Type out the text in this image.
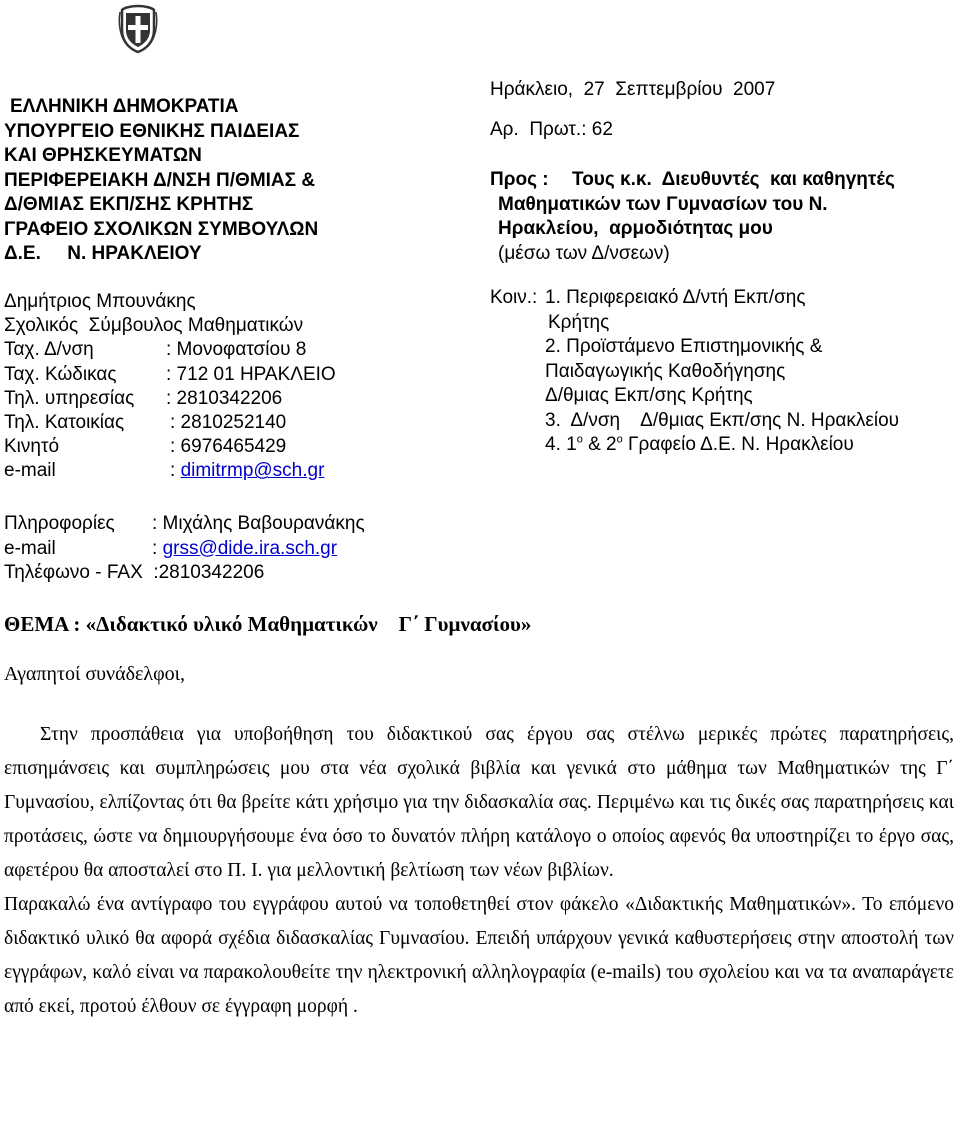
ΕΛΛΗΝΙΚΗ ΔΗΜΟΚΡΑΤΙΑ
ΥΠΟΥΡΓΕΙΟ ΕΘΝΙΚΗΣ ΠΑΙΔΕΙΑΣ
ΚΑΙ ΘΡΗΣΚΕΥΜΑΤΩΝ
ΠΕΡΙΦΕΡΕΙΑΚΗ Δ/ΝΣΗ Π/ΘΜΙΑΣ &
Δ/ΘΜΙΑΣ ΕΚΠ/ΣΗΣ ΚΡΗΤΗΣ
ΓΡΑΦΕΙΟ ΣΧΟΛΙΚΩΝ ΣΥΜΒΟΥΛΩΝ
Δ.Ε.     Ν. ΗΡΑΚΛΕΙΟΥ
Δημήτριος Μπουνάκης
Σχολικός  Σύμβουλος Μαθηματικών
Ταχ. Δ/νση	: Μονοφατσίου 8
Ταχ. Κώδικας	: 712 01 ΗΡΑΚΛΕΙΟ
Τηλ. υπηρεσίας	: 2810342206
Τηλ. Κατοικίας	: 2810252140
Κινητό	: 6976465429
e-mail	: dimitrmp@sch.gr
Πληροφορίες	: Μιχάλης Βαβουρανάκης
e-mail	: grss@dide.ira.sch.gr
Τηλέφωνο - FAX  :2810342206
Ηράκλειο,  27  Σεπτεμβρίου  2007
Αρ.  Πρωτ.: 62
Προς :	Τους κ.κ.  Διευθυντές  και καθηγητές
Μαθηματικών των Γυμνασίων του Ν.
Ηρακλείου,  αρμοδιότητας μου
(μέσω των Δ/νσεων)
Κοιν.: 1. Περιφερειακό Δ/ντή Εκπ/σης
Κρήτης
2. Προϊστάμενο Επιστημονικής &
Παιδαγωγικής Καθοδήγησης
Δ/θμιας Εκπ/σης Κρήτης
3.  Δ/νση    Δ/θμιας Εκπ/σης Ν. Ηρακλείου
4. $1^o$ & $2^o$ Γραφείο Δ.Ε. Ν. Ηρακλείου
ΘΕΜΑ : «Διδακτικό υλικό Μαθηματικών    Γ΄ Γυμνασίου»
Αγαπητοί συνάδελφοι,

Στην προσπάθεια για υποβοήθηση του διδακτικού σας έργου σας στέλνω μερικές πρώτες παρατηρήσεις, επισημάνσεις και συμπληρώσεις μου στα νέα σχολικά βιβλία και γενικά στο μάθημα των Μαθηματικών της Γ΄ Γυμνασίου, ελπίζοντας ότι θα βρείτε κάτι χρήσιμο για την διδασκαλία σας. Περιμένω και τις δικές σας παρατηρήσεις και προτάσεις, ώστε να δημιουργήσουμε ένα όσο το δυνατόν πλήρη κατάλογο ο οποίος αφενός θα υποστηρίζει το έργο σας, αφετέρου θα αποσταλεί στο Π. Ι. για μελλοντική βελτίωση των νέων βιβλίων.

Παρακαλώ ένα αντίγραφο του εγγράφου αυτού να τοποθετηθεί στον φάκελο «Διδακτικής Μαθηματικών». Το επόμενο διδακτικό υλικό θα αφορά σχέδια διδασκαλίας Γυμνασίου. Επειδή υπάρχουν γενικά καθυστερήσεις στην αποστολή των εγγράφων, καλό είναι να παρακολουθείτε την ηλεκτρονική αλληλογραφία (e-mails) του σχολείου και να τα αναπαράγετε από εκεί, προτού έλθουν σε έγγραφη μορφή .
